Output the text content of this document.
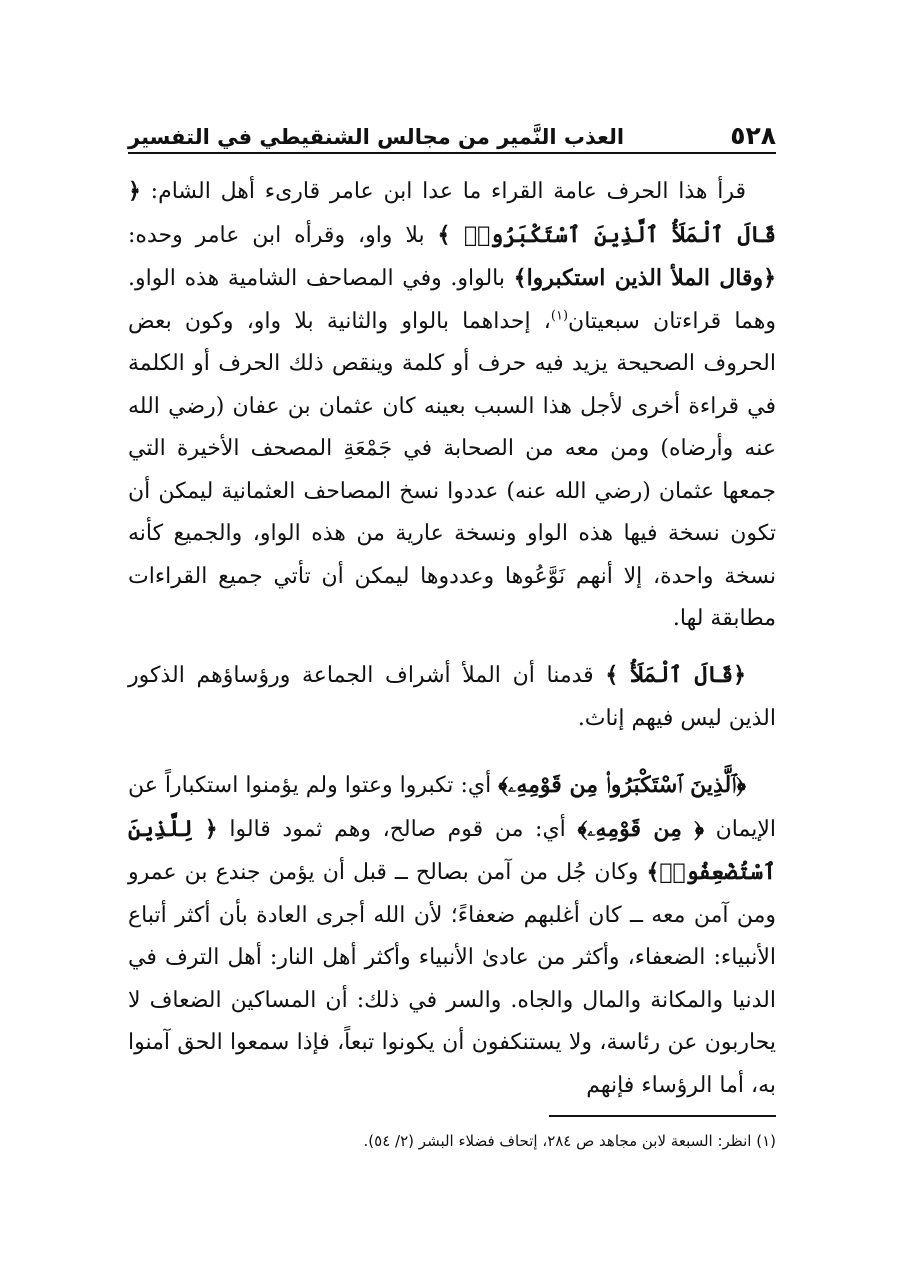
٥٢٨
العذب النَّمير من مجالس الشنقيطي في التفسير

قرأ هذا الحرف عامة القراء ما عدا ابن عامر قارىء أهل الشام: ﴿ قَالَ ٱلْمَلَأُ ٱلَّذِينَ ٱسْتَكْبَرُوا۟ ﴾ بلا واو، وقرأه ابن عامر وحده: ﴿وقال الملأ الذين استكبروا﴾ بالواو. وفي المصاحف الشامية هذه الواو. وهما قراءتان سبعيتان$^{(١)}$، إحداهما بالواو والثانية بلا واو، وكون بعض الحروف الصحيحة يزيد فيه حرف أو كلمة وينقص ذلك الحرف أو الكلمة في قراءة أخرى لأجل هذا السبب بعينه كان عثمان بن عفان (رضي الله عنه وأرضاه) ومن معه من الصحابة في جَمْعَةِ المصحف الأخيرة التي جمعها عثمان (رضي الله عنه) عددوا نسخ المصاحف العثمانية ليمكن أن تكون نسخة فيها هذه الواو ونسخة عارية من هذه الواو، والجميع كأنه نسخة واحدة، إلا أنهم نَوَّعُوها وعددوها ليمكن أن تأتي جميع القراءات مطابقة لها.

﴿قَالَ ٱلْمَلَأُ ﴾ قدمنا أن الملأ أشراف الجماعة ورؤساؤهم الذكور الذين ليس فيهم إناث.

﴿ٱلَّذِينَ ٱسْتَكْبَرُوا۟ مِن قَوْمِهِۦ﴾ أي: تكبروا وعتوا ولم يؤمنوا استكباراً عن الإيمان ﴿ مِن قَوْمِهِۦ﴾ أي: من قوم صالح، وهم ثمود قالوا ﴿ لِلَّذِينَ ٱسْتُضْعِفُوا۟﴾ وكان جُل من آمن بصالح ــ قبل أن يؤمن جندع بن عمرو ومن آمن معه ــ كان أغلبهم ضعفاءً؛ لأن الله أجرى العادة بأن أكثر أتباع الأنبياء: الضعفاء، وأكثر من عادىٰ الأنبياء وأكثر أهل النار: أهل الترف في الدنيا والمكانة والمال والجاه. والسر في ذلك: أن المساكين الضعاف لا يحاربون عن رئاسة، ولا يستنكفون أن يكونوا تبعاً، فإذا سمعوا الحق آمنوا به، أما الرؤساء فإنهم

(١) انظر: السبعة لابن مجاهد ص ٢٨٤، إتحاف فضلاء البشر (٢/ ٥٤).
